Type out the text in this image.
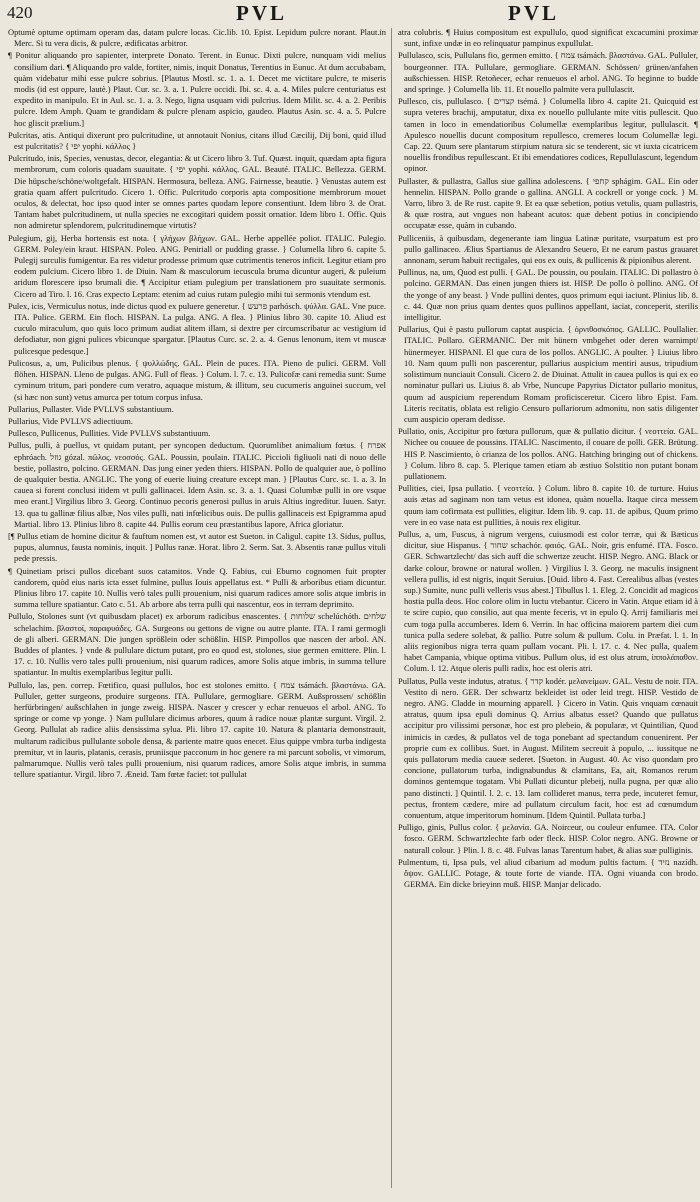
420	PVL	PVL

Optumè optume optimam operam das, datam pulcre locas. Cic.lib. 10. Epist. Lepidum pulcre norant. Plaut.in Merc. Si tu vera dicis, & pulcre, ædificatas arbitror.

¶ Ponitur aliquando pro sapienter, interprete Donato. Terent. in Eunuc. Dixti pulcre, nunquam vidi melius consilium dari. ¶ Aliquando pro valde, fortiter, nimis, inquit Donatus, Terentius in Eunuc. At dum accubabam, quàm videbatur mihi esse pulcre sobrius. [Plautus Mostl. sc. 1. a. 1. Decet me victitare pulcre, te miseris modis (id est oppure, lautè.) Plaut. Cur. sc. 3. a. 1. Pulcre occidi. Ibi. sc. 4. a. 4. Miles pulcre centuriatus est expedito in manipulo. Et in Aul. sc. 1. a. 3. Nego, ligna usquam vidi pulcrius. Idem Milit. sc. 4. a. 2. Peribis pulcre. Idem Amph. Quam te grandidam & pulcre plenam aspicio, gaudeo. Plautus Asin. sc. 4. a. 5. Pulcre hoc gliscit prælium.]

Pulcritas, atis. Antiqui dixerunt pro pulcritudine, ut annotauit Nonius, citans illud Cæcilij, Dij boni, quid illud est pulcritatis? { יפי yophi. κάλλος }

Pulcritudo, inis, Species, venustas, decor, elegantia: & ut Cicero libro 3. Tuf. Quæst. inquit, quædam apta figura membrorum, cum coloris quadam suauitate. { יפי yophi. κάλλος. GAL. Beauté. ITALIC. Bellezza. GERM. Die hüpsche/schöne/woltgefalt. HISPAN. Hermosura, belleza. ANG. Fairnesse, beautie. } Venustas autem est gratia quam affert pulcritudo. Cicero 1. Offic. Pulcritudo corporis apta compositione membrorum mouet oculos, & delectat, hoc ipso quod inter se omnes partes quodam lepore consentiunt. Idem libro 3. de Orat. Tantam habet pulcritudinem, ut nulla species ne excogitari quidem possit ornatior. Idem libro 1. Offic. Quis non admiretur splendorem, pulcritudinemque virtutis?

Pulegium, gij, Herba hortensis est nota. { γλήχων βλήχων. GAL. Herbe appellée poliot. ITALIC. Pulegio. GERM. Poley/ein kraut. HISPAN. Poleo. ANG. Peniriall or pudding grasse. } Columella libro 6. capite 5. Pulegij surculis fumigentur. Ea res videtur prodesse primum quæ cutrimentis teneros inficit. Legitur etiam pro eodem pulcium. Cicero libro 1. de Diuin. Nam & masculorum iecuscula bruma dicuntur augeri, & puleium aridum florescere ipso brumali die. ¶ Accipitur etiam pulegium per translationem pro suauitate sermonis. Cicero ad Tiro. l. 16. Cras expecto Leptam: etenim ad cuius rutam pulegio mihi tui sermonis vtendum est.

Pulex, icis, Vermiculus notus, inde dictus quod ex puluere generetur. { פרעש parhósch. ψύλλα. GAL. Vne puce. ITA. Pulice. GERM. Ein floch. HISPAN. La pulga. ANG. A flea. } Plinius libro 30. capite 10. Aliud est cuculo miraculum, quo quis loco primum audiat alitem illam, si dextre per circumscribatur ac vestigium id defodiatur, non gigni pulices vbicunque spargatur. [Plautus Curc. sc. 2. a. 4. Genus lenonum, item vt muscæ pulicesque pedesque.]

Pulicosus, a, um, Pulicibus plenus. { ψυλλώδης. GAL. Plein de puces. ITA. Pieno de pulici. GERM. Voll flöhen. HISPAN. Lleno de pulgas. ANG. Full of fleas. } Colum. l. 7. c. 13. Pulicofæ cani remedia sunt: Sume cyminum tritum, pari pondere cum veratro, aquaque mistum, & illitum, seu cucumeris anguinei succum, vel (si hæc non sunt) vetus amurca per totum corpus infusa.

Pullarius, Pullaster. Vide PVLLVS substantiuum.

Pullarius, Vide PVLLVS adiectiuum.

Pullesco, Pullicenus, Pullities. Vide PVLLVS substantiuum.

Pullus, pulli, à puellus, vt quidam putant, per syncopen deductum. Quorumlibet animalium fœtus. { אפרח ephróach. גוזל gózal. πῶλος. νεοσσός. GAL. Poussin, poulain. ITALIC. Piccioli figliuoli nati di nouo delle bestie, pollastro, polcino. GERMAN. Das jung einer yeden thiers. HISPAN. Pollo de qualquier aue, ò pollino de qualquier bestia. ANGLIC. The yong of euerie liuing creature except man. } [Plautus Curc. sc. 1. a. 3. In cauea si forent conclusi itidem vt pulli gallinacei. Idem Asin. sc. 3. a. 1. Quasi Columbæ pulli in ore vsque meo erant.] Virgilius libro 3. Georg. Continuo pecoris generosi pullus in aruis Altius ingreditur. Iuuen. Satyr. 13. qua tu gallinæ filius albæ, Nos viles pulli, nati infœlicibus ouis. De pullis gallinaceis est Epigramma apud Martial. libro 13. Plinius libro 8. capite 44. Pullis eorum ceu præstantibus lapore, Africa gloriatur.

[¶ Pullus etiam de homine dicitur & fauftum nomen est, vt autor est Sueton. in Caligul. capite 13. Sidus, pullus, pupus, alumnus, fausta nominis, inquit. ] Pullus ranæ. Horat. libro 2. Serm. Sat. 3. Absentis ranæ pullus vituli pede pressis.

¶ Quinetiam prisci pullos dicebant suos catamitos. Vnde Q. Fabius, cui Eburno cognomen fuit propter candorem, quòd eius naris icta esset fulmine, pullus Iouis appellatus est. * Pulli & arboribus etiam dicuntur. Plinius libro 17. capite 10. Nullis verò tales pulli prouenium, nisi quarum radices amore solis atque imbris in summa tellure spatiantur. Cato c. 51. Ab arbore abs terra pulli qui nascentur, eos in terram deprimito.

Pullulo, Stolones sunt (vt quibusdam placet) ex arborum radicibus enascentes. { שלוחות schelúchóth. שלחים schelachim. βλαστοί, παραφυάδες. GA. Surgeons ou gettons de vigne ou autre plante. ITA. I rami germogli de gli alberi. GERMAN. Die jungen sprößlein oder schößlin. HISP. Pimpollos que nascen der arbol. AN. Buddes of plantes. } vnde & pullulare dictum putant, pro eo quod est, stolones, siue germen emittere. Plin. l. 17. c. 10. Nullis vero tales pulli prouenium, nisi quarum radices, amore Solis atque imbris, in summa tellure spatiantur. In multis exemplaribus legitur pulli.

Pullulo, las, pen. correp. Fœtifico, quasi pullulos, hoc est stolones emitto. { צמח tsámách. βλαστάνω. GA. Pulluler, getter surgeons, produire surgeons. ITA. Pullulare, germogliare. GERM. Außsprossen/ schößlin herfürbringen/ außschlahen in junge zweig. HISPA. Nascer y crescer y echar renueuos el arbol. ANG. To springe or come vp yonge. } Nam pullulare dicimus arbores, quum à radice nouæ plantæ surgunt. Virgil. 2. Georg. Pullulat ab radice aliis densissima sylua. Pli. libro 17. capite 10. Natura & plantaria demonstrauit, multarum radicibus pullulante sobole densa, & pariente matre quos enecet. Eius quippe vmbra turba indigesta premitur, vt in lauris, platanis, cerasis, pruniisque pacconum in hoc genere ra mi parcunt sobolis, vt vimorum, palmarumque. Nullis verò tales pulli prouenium, nisi quarum radices, amore Solis atque imbris, in summa tellure spatiantur. Virgil. libro 7. Æneid. Tam fœtæ faciet: tot pullulat

atra colubris. ¶ Huius compositum est expullulo, quod significat excacumini proximæ sunt, infixe undæ in eo relinquatur pampinus expullulat.

Pullulasco, scis, Pullulans fio, germen emitto. { צמח tsámách. βλαστάνω. GAL. Pulluler, bourgeonner. ITA. Pullulare, germogliare. GERMAN. Schössen/ grünen/anfahen außschiessen. HISP. Retoñecer, echar renueuos el arbol. ANG. To beginne to budde and springe. } Columella lib. 11. Et nouello palmite vera pullulascit.

Pullesco, cis, pullulasco. { קצרים tsémá. } Columella libro 4. capite 21. Quicquid est supra veteres brachij, amputatur, dixa ex nouello pullulante mite vitis pullescit. Quo tamen in loco in emendatioribus Columellæ exemplaribus legitur, pullulascit. ¶ Apulesco nouellis ducunt compositum repullesco, cremeres locum Columellæ legi. Cap. 22. Quum sere plantarum stirpium natura sic se tenderent, sic vt iuxta cicatricem nouellis frondibus repullescant. Et ibi emendatiores codices, Repullulascunt, legendum opinor.

Pullaster, & pullastra, Gallus siue gallina adolescens. { קחפי sphágim. GAL. Ein oder hennelin. HISPAN. Pollo grande o gallina. ANGLI. A cockrell or yonge cock. } M. Varro, libro 3. de Re rust. capite 9. Et ea quæ sebetion, potius vetulis, quam pullastris, & quæ rostra, aut vngues non habeant acutos: quæ debent potius in concipiendo occupatæ esse, quàm in cubando.

Pulliceniis, à quibusdam, degenerante iam lingua Latinæ puritate, vsurpatum est pro pullo gallinaceo. Ælius Spartianus de Alexandro Seuero, Et ne earum pastus grauaret annonam, serum habuit rectigales, qui eos ex ouis, & pullicenis & pipionibus alerent.

Pullinus, na, um, Quod est pulli. { GAL. De poussin, ou poulain. ITALIC. Di pollastro ò polcino. GERMAN. Das einen jungen thiers ist. HISP. De pollo ò pollino. ANG. Of the yonge of any beast. } Vnde pullini dentes, quos primum equi iaciunt. Plinius lib. 8. c. 44. Quæ non prius quam dentes quos pullinos appellant, iaciat, conceperit, sterilis intelligitur.

Pullarius, Qui è pastu pullorum captat auspicia. { ὀρνιθοσκόπος. GALLIC. Poullalier. ITALIC. Pollaro. GERMANIC. Der mit hünern vmbgehet oder deren warnimpt/ hünermeyer. HISPANI. El que cura de los pollos. ANGLIC. A poulter. } Liuius libro 10. Nam quum pulli non pascerentur, pullarius auspicium mentiri ausus, tripudium solistimum nunciauit Consuli. Cicero 2. de Diuinat. Attulit in cauea pullos is qui ex eo nominatur pullari us. Liuius 8. ab Vrbe, Nuncupe Papyrius Dictator pullario monitus, quum ad auspicium reperendum Romam proficisceretur. Cicero libro Epist. Fam. Literis recitatis, oblata est religio Censuro pullariorum admonitu, non satis diligenter cum auspicio operam dedisse.

Pullatio, onis, Accipitur pro fœtura pullorum, quæ & pullatio dicitur. { νεοττεία. GAL. Nichee ou couuee de poussins. ITALIC. Nascimento, il couare de polli. GER. Brütung. HIS P. Nascimiento, ò crianza de los pollos. ANG. Hatching bringing out of chickens. } Colum. libro 8. cap. 5. Plerique tamen etiam ab æstiuo Solstitio non putant bonam pullationem.

Pullities, ciei, Ipsa pullatio. { νεοττεία. } Colum. libro 8. capite 10. de turture. Huius auis ætas ad saginam non tam vetus est idonea, quàm nouella. Itaque circa messem quum iam cofirmata est pullities, eligitur. Idem lib. 9. cap. 11. de apibus, Quum primo vere in eo vase nata est pullities, à nouis rex eligitur.

Pullus, a, um, Fuscus, à nigrum vergens, cuiusmodi est color terræ, qui & Bæticus dicitur, siue Hispanus. { שחור schachór. φαιός. GAL. Noir, gris enfumé. ITA. Fosco. GER. Schwartzlecht/ das sich auff die schwertze zeucht. HISP. Negro. ANG. Black or darke colour, browne or natural wollen. } Virgilius l. 3. Georg. ne maculis insignent vellera pullis, id est nigris, inquit Seruius. [Ouid. libro 4. Fast. Cerealibus albas (vestes sup.) Sumite, nunc pulli velleris vsus abest.] Tibullus l. 1. Eleg. 2. Concidit ad magicos hostia pulla deos. Hoc colore olim in luctu vtebantur. Cicero in Vatin. Atque etiam id à te scire cupio, quo consilio, aut qua mente feceris, vt in epulo Q. Arrij familiaris mei cum toga pulla accumberes. Idem 6. Verrin. In hac officina maiorem partem diei cum tunica pulla sedere solebat, & pallio. Putre solum & pullum. Colu. in Præfat. l. 1. In aliis regionibus nigra terra quam pullam vocant. Pli. l. 17. c. 4. Nec pulla, qualem habet Campania, vbique optima vitibus. Pullum olus, id est olus atrum, ἱππολάπαθον. Colum. l. 12. Atque oleris pulli radix, hoc est oleris atri.

Pullatus, Pulla veste indutus, atratus. { קדר kodér. μελανείμων. GAL. Vestu de noir. ITA. Vestito di nero. GER. Der schwartz bekleidet ist oder leid tregt. HISP. Vestido de negro. ANG. Cladde in mourning apparell. } Cicero in Vatin. Quis vnquam cœnauit atratus, quum ipsa epuli dominus Q. Arrius albatus esset? Quando que pullatus accipitur pro vilissimi personæ, hoc est pro plebeio, & popularæ, vt Quintilian, Quod inimicis in cædes, & pullatos vel de toga ponebant ad spectandum conuenirent. Per proprie cum ex collibus. Suet. in August. Militem secreuit à populo, ... iussitque ne quis pullatorum media caueæ sederet. [Sueton. in August. 40. Ac viso quondam pro concione, pullatorum turba, indignabundus & clamitans, Ea, ait, Romanos rerum dominos gentemque togatam. Vbi Pullati dicuntur plebeij, nulla pugna, per quæ alio pano distincti. ] Quintil. l. 2. c. 13. Iam collideret manus, terra pede, incuteret femur, pectus, frontem cædere, mire ad pullatum circulum facit, hoc est ad cœnumdum conuentum, atque imperitorum hominum. [Idem Quintil. Pullata turba.]

Pulligo, ginis, Pullus color. { μελανία. GA. Noirceur, ou couleur enfumee. ITA. Color fosco. GERM. Schwartzlechte farb oder fleck. HISP. Color negro. ANG. Browne or naturall colour. } Plin. l. 8. c. 48. Fulvas lanas Tarentum habet, & alias suæ pulliginis.

Pulmentum, ti, Ipsa puls, vel aliud cibarium ad modum pultis factum. { נזיד nazídh. ὄψον. GALLIC. Potage, & toute forte de viande. ITA. Ogni viuanda con brodo. GERMA. Ein dicke brieyinn muß. HISP. Manjar delicado.
